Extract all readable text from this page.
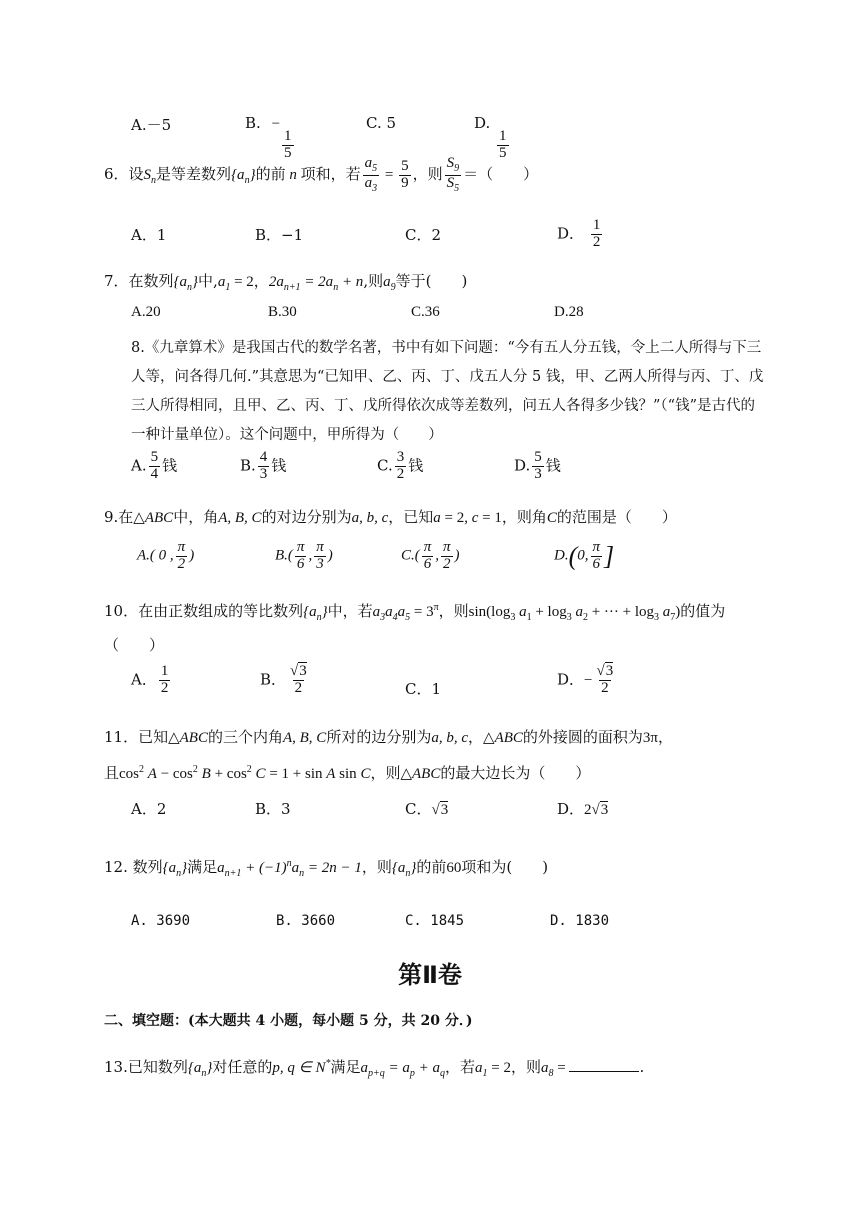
A.－5	B. −
$\frac{1}{5}$
C. 5	D.
$\frac{1}{5}$
6．设$S_n$是等差数列$\{a_n\}$的前 n 项和，若 $\frac{a_5}{a_3} = \frac{5}{9}$ ，则 $\frac{S_9}{S_5}$ ＝（　　）
A．1	B．−1	C．2	D． $\frac{1}{2}$
7．在数列$\{a_n\}$中$,a_1 = 2$，$2a_{n+1} = 2a_n + n$,则$a_9$等于(　　)
A.20	B.30	C.36	D.28
8.《九章算术》是我国古代的数学名著，书中有如下问题：“今有五人分五钱，令上二人所得与下三
人等，问各得几何.”其意思为“已知甲、乙、丙、丁、戊五人分 5 钱，甲、乙两人所得与丙、丁、戊
三人所得相同，且甲、乙、丙、丁、戊所得依次成等差数列，问五人各得多少钱？”（“钱”是古代的
一种计量单位）。这个问题中，甲所得为（　　）
A. $\frac{5}{4}$ 钱	B. $\frac{4}{3}$ 钱	C. $\frac{3}{2}$ 钱	D. $\frac{5}{3}$ 钱
9.在△ABC中，角A, B, C的对边分别为a, b, c，已知a = 2, c = 1，则角C的范围是（　　）
A.( 0 , $\frac{\pi}{2}$ )	$B.( \frac{\pi}{6}$ , $\frac{\pi}{3}$ )	$C.( \frac{\pi}{6}$ , $\frac{\pi}{2}$ )	D.(0, $\frac{\pi}{6}$ ]
10．在由正数组成的等比数列$\{a_n\}$中，若$a_3a_4a_5 = 3^\pi$，则$\sin(\log_3$ $a_1 + \log_3 a_2$ + ··· + $\log_3 a_7$)的值为
（　　）
A． $\frac{1}{2}$	B． $\frac{√3}{2}$	C．1
D．− $\frac{√3}{2}$
11．已知△ABC的三个内角A, B, C所对的边分别为a, b, c，△ABC的外接圆的面积为3π，
且$\cos^2 A - \cos^2 B + \cos^2 C = 1 + \sin A$ sin C，则△ABC的最大边长为（　　）
A．2	B．3	C．√3	D．2√3
12. 数列$\{a_n\}$满足$a_{n+1} + (-1)^na_n = 2n - 1$，则$\{a_n\}$的前60项和为(　　)
A. 3690	B. 3660	C. 1845	D. 1830
第Ⅱ卷
二、填空题：(本大题共 4 小题，每小题 5 分，共 20 分．)
13.已知数列$\{a_n\}$对任意的p, q ∈ N*满足$a_{p+q} = a_p + a_q$，若$a_1 = 2$，则$a_8$ =	.
